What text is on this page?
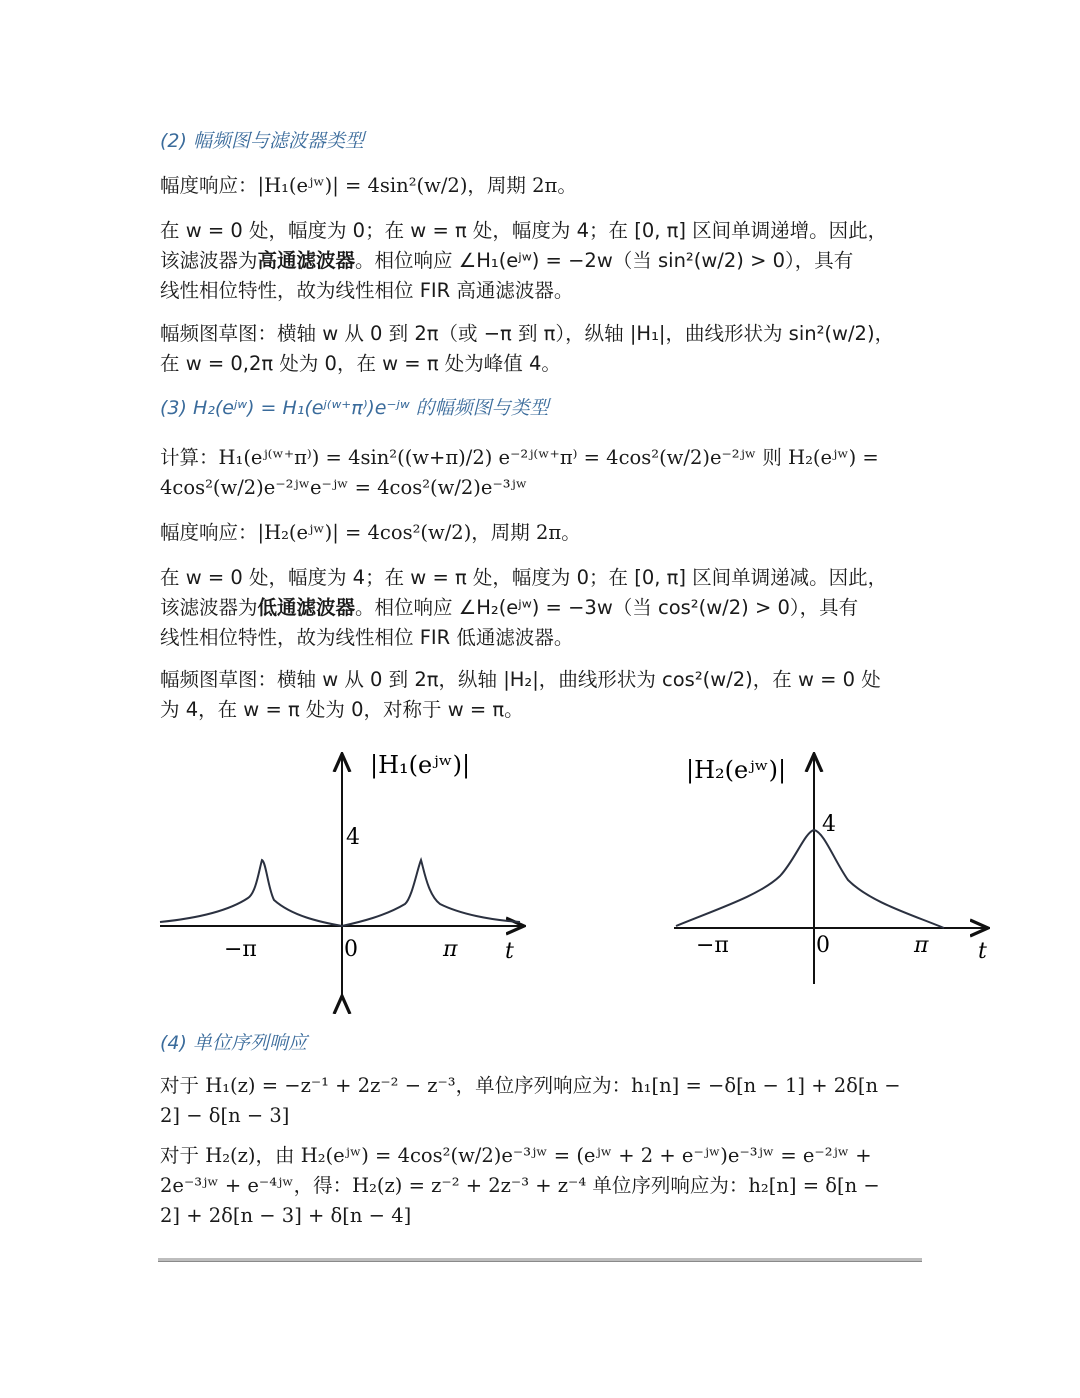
(2) 幅频图与滤波器类型

幅度响应：|H₁(eʲʷ)| = 4sin²(w/2)，周期 2π。

在 w = 0 处，幅度为 0；在 w = π 处，幅度为 4；在 [0, π] 区间单调递增。因此，

该滤波器为高通滤波器。相位响应 ∠H₁(eʲʷ) = −2w（当 sin²(w/2) > 0），具有

线性相位特性，故为线性相位 FIR 高通滤波器。

幅频图草图：横轴 w 从 0 到 2π（或 −π 到 π），纵轴 |H₁|，曲线形状为 sin²(w/2)，

在 w = 0,2π 处为 0，在 w = π 处为峰值 4。

(3) H₂(eʲʷ) = H₁(eʲ⁽ʷ⁺π⁾)e⁻ʲʷ 的幅频图与类型

计算：H₁(eʲ⁽ʷ⁺π⁾) = 4sin²((w+π)/2) e⁻²ʲ⁽ʷ⁺π⁾ = 4cos²(w/2)e⁻²ʲʷ 则 H₂(eʲʷ) =

4cos²(w/2)e⁻²ʲʷe⁻ʲʷ = 4cos²(w/2)e⁻³ʲʷ

幅度响应：|H₂(eʲʷ)| = 4cos²(w/2)，周期 2π。

在 w = 0 处，幅度为 4；在 w = π 处，幅度为 0；在 [0, π] 区间单调递减。因此，

该滤波器为低通滤波器。相位响应 ∠H₂(eʲʷ) = −3w（当 cos²(w/2) > 0），具有

线性相位特性，故为线性相位 FIR 低通滤波器。

幅频图草图：横轴 w 从 0 到 2π，纵轴 |H₂|，曲线形状为 cos²(w/2)，在 w = 0 处

为 4，在 w = π 处为 0，对称于 w = π。

(4) 单位序列响应

对于 H₁(z) = −z⁻¹ + 2z⁻² − z⁻³，单位序列响应为：h₁[n] = −δ[n − 1] + 2δ[n −

2] − δ[n − 3]

对于 H₂(z)，由 H₂(eʲʷ) = 4cos²(w/2)e⁻³ʲʷ = (eʲʷ + 2 + e⁻ʲʷ)e⁻³ʲʷ = e⁻²ʲʷ +

2e⁻³ʲʷ + e⁻⁴ʲʷ，得：H₂(z) = z⁻² + 2z⁻³ + z⁻⁴ 单位序列响应为：h₂[n] = δ[n −

2] + 2δ[n − 3] + δ[n − 4]

|H₁(eʲʷ)|
4
−π	0	π t
|H₂(eʲʷ)|
4
−π	0	π t
